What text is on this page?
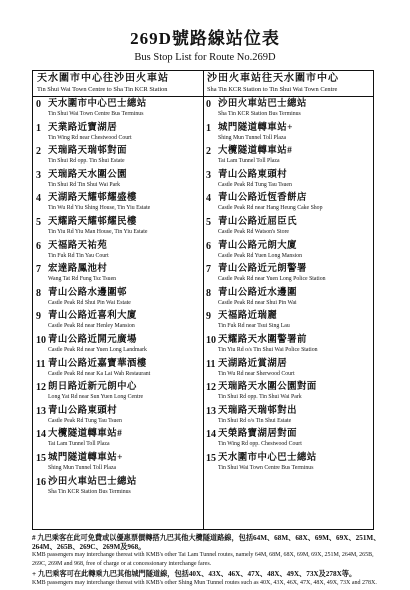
269D號路線站位表
Bus Stop List for Route No.269D
天水圍市中心往沙田火車站
Tin Shui Wai Town Centre to Sha Tin KCR Station
0 天水圍市中心巴士總站
Tin Shui Wai Town Centre Bus Terminus
1 天業路近寶湖居
Tin Wing Rd near Chestwood Court
2 天瑞路天瑞邨對面
Tin Shui Rd opp. Tin Shui Estate
3 天瑞路天水圍公園
Tin Shui Rd Tin Shui Wai Park
4 天湖路天耀邨耀盛樓
Tin Wu Rd Yiu Shing House, Tin Yiu Estate
5 天耀路天耀邨耀民樓
Tin Yiu Rd Yiu Man House, Tin Yiu Estate
6 天福路天祐苑
Tin Fuk Rd Tin Yau Court
7 宏達路鳳池村
Wang Tat Rd Fung Tsz Tsuen
8 青山公路水邊圍邨
Castle Peak Rd Shui Pin Wai Estate
9 青山公路近喜利大廈
Castle Peak Rd near Henley Mansion
10 青山公路近開元廣場
Castle Peak Rd near Yuen Long Landmark
11 青山公路近嘉寶華酒樓
Castle Peak Rd near Ka Lai Wah Restaurant
12 朗日路近新元朗中心
Long Yat Rd near Sun Yuen Long Centre
13 青山公路東頭村
Castle Peak Rd Tung Tau Tsuen
14 大欖隧道轉車站#
Tai Lam Tunnel Toll Plaza
15 城門隧道轉車站+
Shing Mun Tunnel Toll Plaza
16 沙田火車站巴士總站
Sha Tin KCR Station Bus Terminus
沙田火車站往天水圍市中心
Sha Tin KCR Station to Tin Shui Wai Town Centre
0 沙田火車站巴士總站
Sha Tin KCR Station Bus Terminus
1 城門隧道轉車站+
Shing Mun Tunnel Toll Plaza
2 大欖隧道轉車站#
Tai Lam Tunnel Toll Plaza
3 青山公路東頭村
Castle Peak Rd Tung Tau Tsuen
4 青山公路近恆香餅店
Castle Peak Rd near Hang Heung Cake Shop
5 青山公路近屈臣氏
Castle Peak Rd Watson's Store
6 青山公路元朗大廈
Castle Peak Rd Yuen Long Mansion
7 青山公路近元朗警署
Castle Peak Rd near Yuen Long Police Station
8 青山公路近水邊圍
Castle Peak Rd near Shui Pin Wai
9 天福路近瑞麗
Tin Fuk Rd near Tsui Sing Lau
10 天耀路天水圍警署前
Tin Yiu Rd o/s Tin Shui Wai Police Station
11 天湖路近賞湖居
Tin Wu Rd near Sherwood Court
12 天瑞路天水圍公園對面
Tin Shui Rd opp. Tin Shui Wai Park
13 天瑞路天瑞邨對出
Tin Shui Rd o/s Tin Shui Estate
14 天榮路寶湖居對面
Tin Wing Rd opp. Chestwood Court
15 天水圍市中心巴士總站
Tin Shui Wai Town Centre Bus Terminus
# 九巴乘客在此可免費或以優惠票價轉搭九巴其他大欖隧道路線，包括64M、68M、68X、69M、69X、251M、264M、265B、269C、269M及968。
KMB passengers may interchange thereat with KMB's other Tai Lam Tunnel routes, namely 64M, 68M, 68X, 69M, 69X, 251M, 264M, 265B, 269C, 269M and 968, free of charge or at concessionary interchange fares.
+ 九巴乘客可在此轉乘九巴其他城門隧道線，包括40X、43X、46X、47X、48X、49X、73X及278X等。
KMB passengers may interchange thereat with KMB's other Shing Mun Tunnel routes such as 40X, 43X, 46X, 47X, 48X, 49X, 73X and 278X.
